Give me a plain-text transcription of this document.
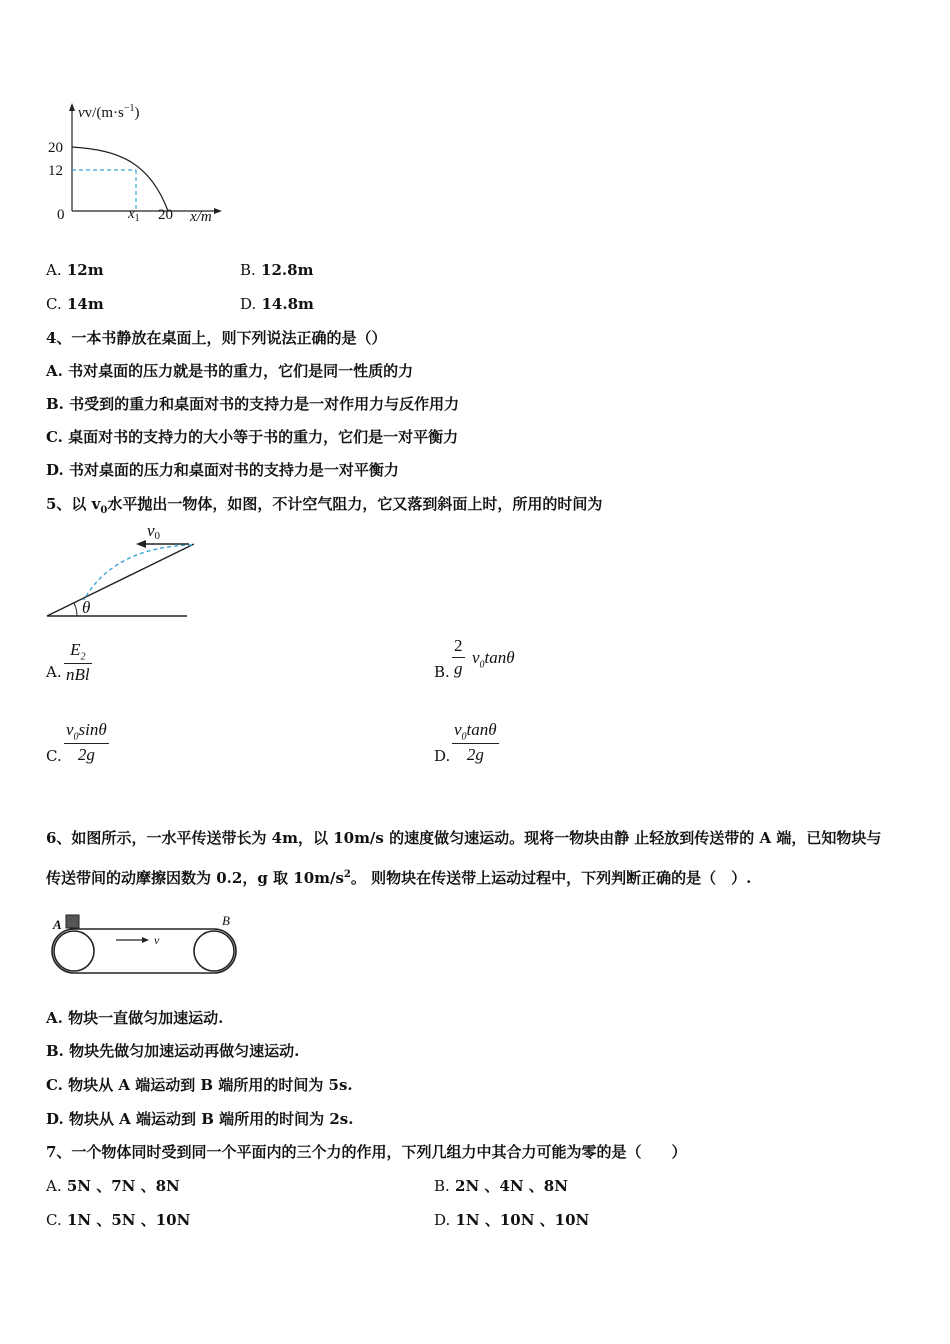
$vv/(m\cdot s^{-1})$
20
12
0	$x_1$ 20 x/m
A. 12m	B. 12.8m
C. 14m	D. 14.8m
4、一本书静放在桌面上，则下列说法正确的是（）
A. 书对桌面的压力就是书的重力，它们是同一性质的力
B. 书受到的重力和桌面对书的支持力是一对作用力与反作用力
C. 桌面对书的支持力的大小等于书的重力，它们是一对平衡力
D. 书对桌面的压力和桌面对书的支持力是一对平衡力
5、以 $v_0$水平抛出一物体，如图，不计空气阻力，它又落到斜面上时，所用的时间为
v0
θ
A.
$E_2$
nBl	B.
2
g
$v_0\tan\theta$
C.
$v_0\sin\theta$
2g	D.
$v_0\tan\theta$
2g
6、如图所示，一水平传送带长为 4m，以 10m/s 的速度做匀速运动。现将一物块由静 止轻放到传送带的 A 端，已知物块与
传送带间的动摩擦因数为 0.2，g 取 $10m/s^2$。 则物块在传送带上运动过程中，下列判断正确的是（　）.
A	B
v
A. 物块一直做匀加速运动.
B. 物块先做匀加速运动再做匀速运动.
C. 物块从 A 端运动到 B 端所用的时间为 5s.
D. 物块从 A 端运动到 B 端所用的时间为 2s.
7、一个物体同时受到同一个平面内的三个力的作用，下列几组力中其合力可能为零的是（　　）
A. 5N 、7N 、8N	B. 2N 、4N 、8N
C. 1N 、5N 、10N	D. 1N 、10N 、10N
